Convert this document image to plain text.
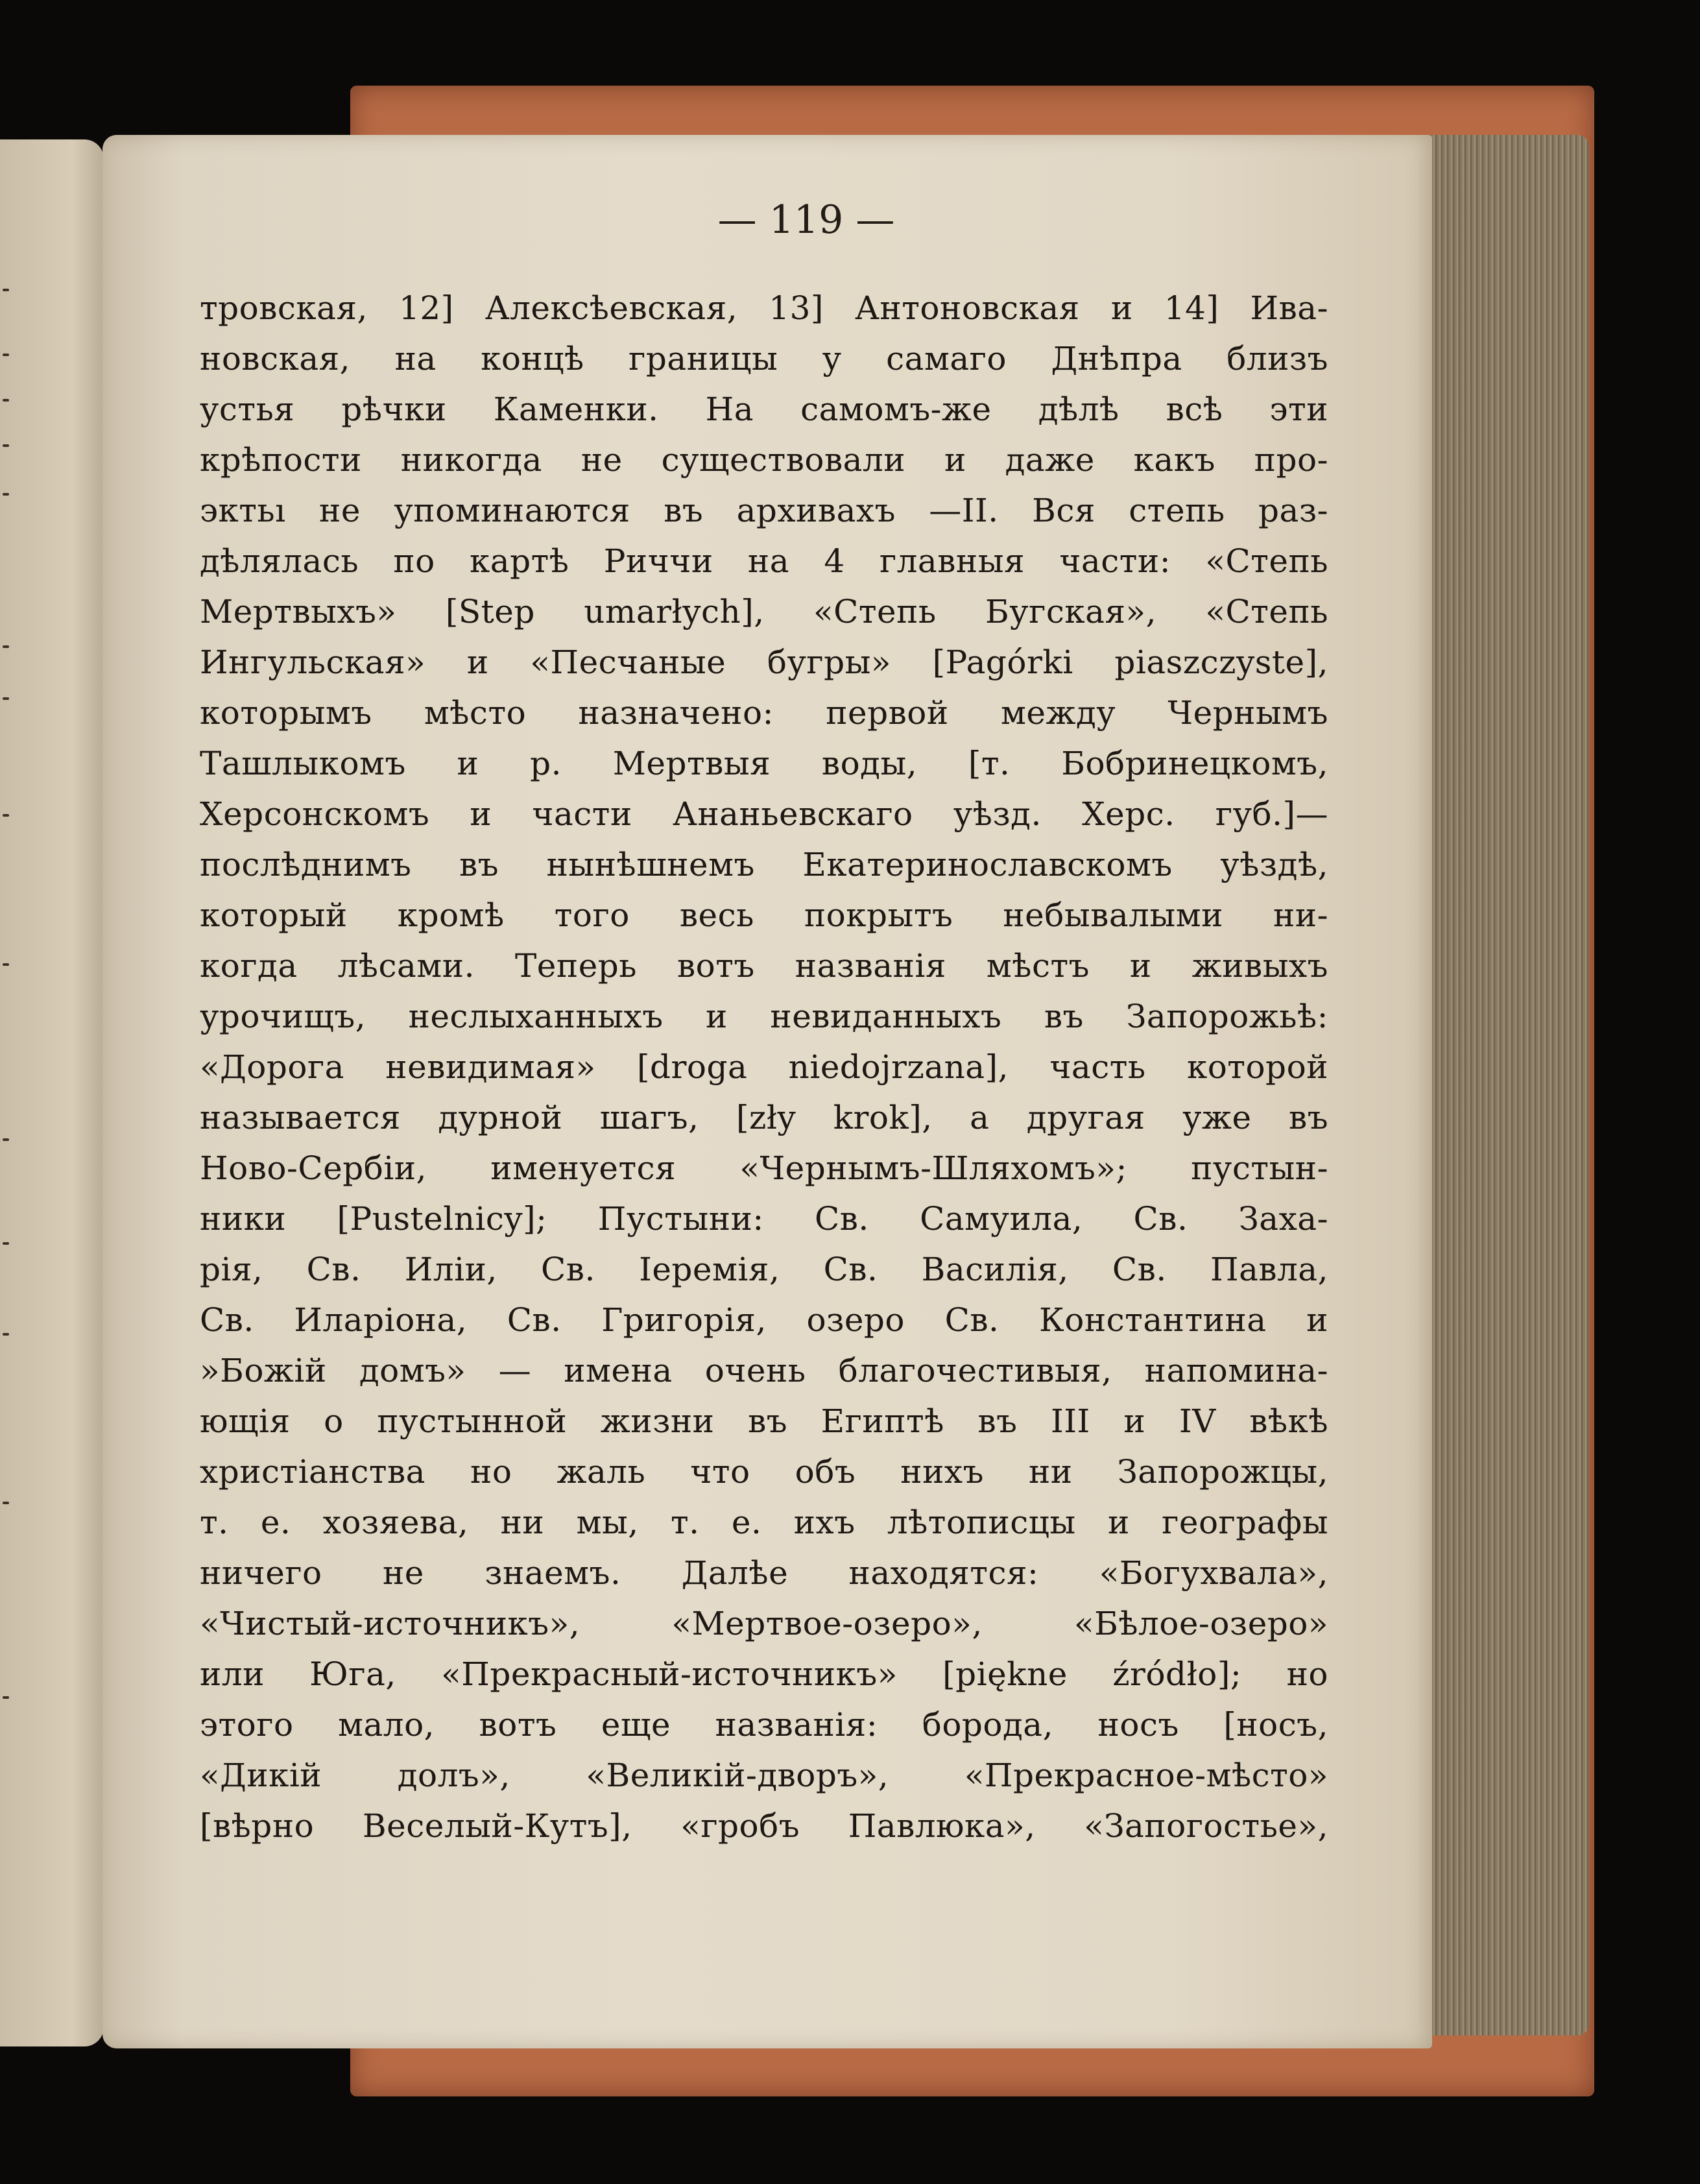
— 119 —
тровская, 12] Алексѣевская, 13] Антоновская и 14] Ива-
новская, на концѣ границы у самаго Днѣпра близъ
устья рѣчки Каменки. На самомъ-же дѣлѣ всѣ эти
крѣпости никогда не существовали и даже какъ про-
эктьı не упоминаются въ архивахъ —II. Вся степь раз-
дѣлялась по картѣ Риччи на 4 главныя части: «Степь
Мертвыхъ» [Step umarłych], «Степь Бугская», «Степь
Ингульская» и «Песчаные бугры» [Pagórki piaszczyste],
которымъ мѣсто назначено: первой между Чернымъ
Ташлыкомъ и р. Мертвыя воды, [т. Бобринецкомъ,
Херсонскомъ и части Ананьевскаго уѣзд. Херс. губ.]—
послѣднимъ въ нынѣшнемъ Екатеринославскомъ уѣздѣ,
который кромѣ того весь покрытъ небывалыми ни-
когда лѣсами. Теперь вотъ названія мѣстъ и живыхъ
урочищъ, неслыханныхъ и невиданныхъ въ Запорожьѣ:
«Дорога невидимая» [droga niedojrzana], часть которой
называется дурной шагъ, [zły krok], а другая уже въ
Ново-Сербіи, именуется «Чернымъ-Шляхомъ»; пустын-
ники [Pustelnicy]; Пустыни: Св. Самуила, Св. Заха-
рія, Св. Иліи, Св. Іеремія, Св. Василія, Св. Павла,
Св. Иларіона, Св. Григорія, озеро Св. Константина и
»Божій домъ» — имена очень благочестивыя, напомина-
ющія о пустынной жизни въ Египтѣ въ III и IV вѣкѣ
христіанства но жаль что объ нихъ ни Запорожцы,
т. е. хозяева, ни мы, т. е. ихъ лѣтописцы и географы
ничего не знаемъ. Далѣе находятся: «Богухвала»,
«Чистый-источникъ», «Мертвое-озеро», «Бѣлое-озеро»
или Юга, «Прекрасный-источникъ» [piękne źródło]; но
этого мало, вотъ еще названія: борода, носъ [носъ,
«Дикій долъ», «Великій-дворъ», «Прекрасное-мѣсто»
[вѣрно Веселый-Кутъ], «гробъ Павлюка», «Запогостье»,
